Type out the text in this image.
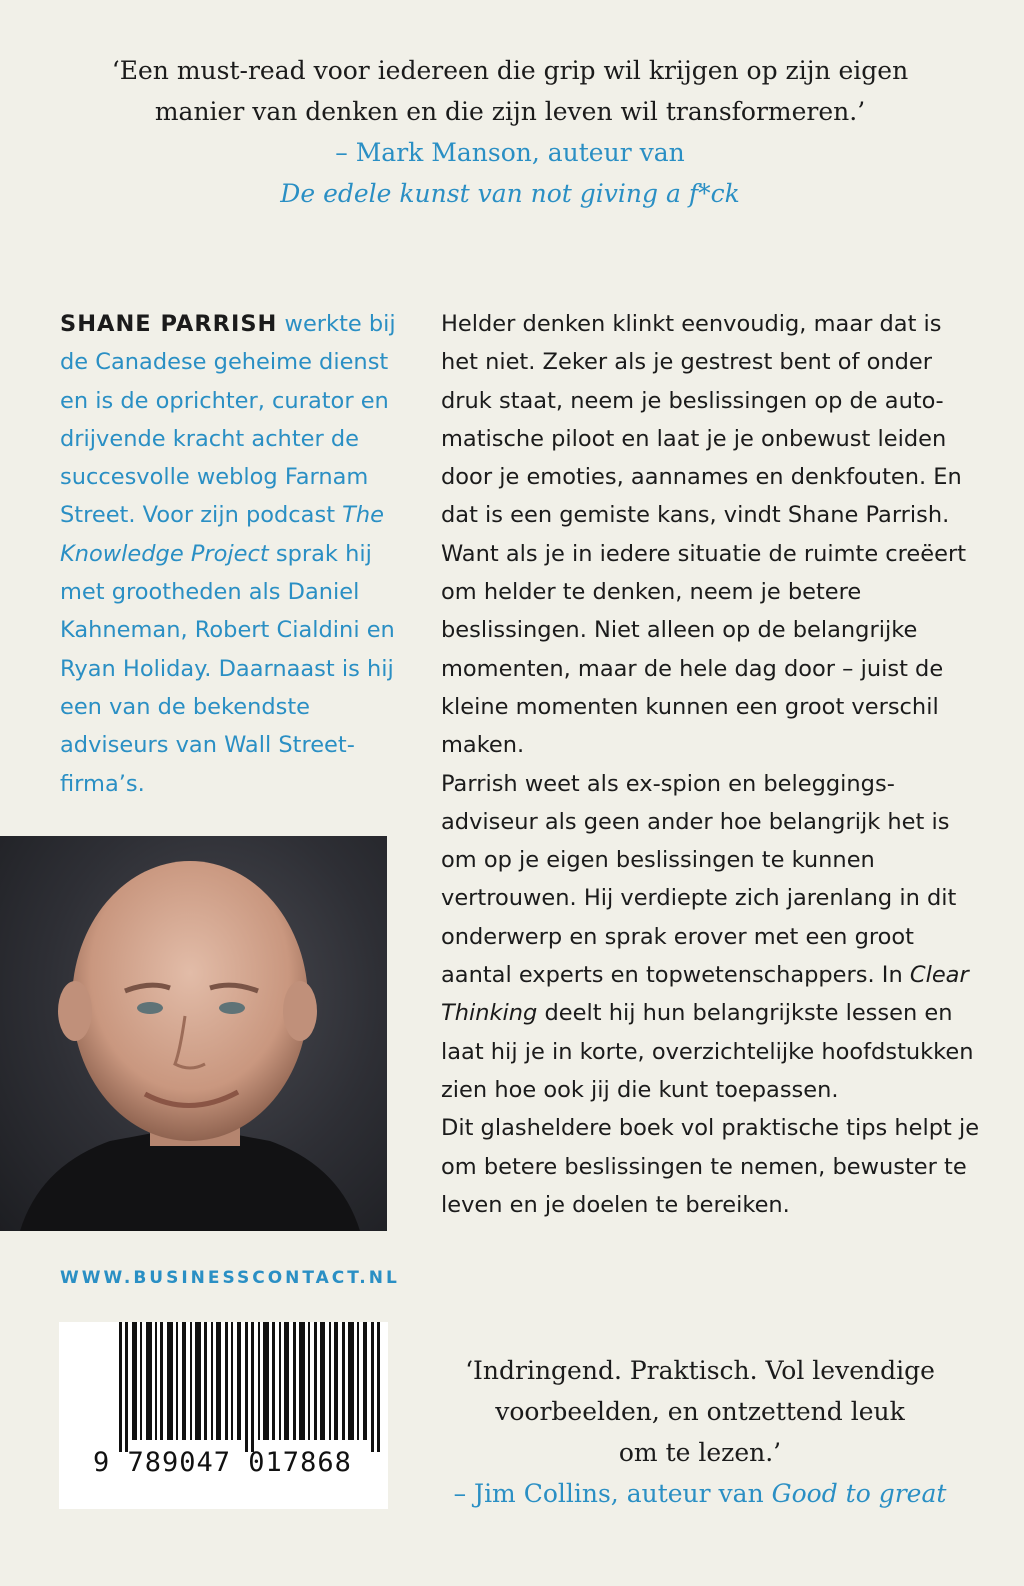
‘Een must-read voor iedereen die grip wil krijgen op zijn eigen
manier van denken en die zijn leven wil transformeren.’
– Mark Manson, auteur van
De edele kunst van not giving a f*ck
SHANE PARRISH werkte bij de Canadese geheime dienst en is de oprichter, curator en drijvende kracht achter de succesvolle weblog Farnam Street. Voor zijn podcast The Knowledge Project sprak hij met grootheden als Daniel Kahneman, Robert Cialdini en Ryan Holiday. Daarnaast is hij een van de bekendste adviseurs van Wall Street-firma’s.

Helder denken klinkt eenvoudig, maar dat is het niet. Zeker als je gestrest bent of onder druk staat, neem je beslissingen op de automatische piloot en laat je je onbewust leiden door je emoties, aannames en denkfouten. En dat is een gemiste kans, vindt Shane Parrish. Want als je in iedere situatie de ruimte creëert om helder te denken, neem je betere beslissingen. Niet alleen op de belangrijke momenten, maar de hele dag door – juist de kleine momenten kunnen een groot verschil maken.

Parrish weet als ex-spion en beleggingsadviseur als geen ander hoe belangrijk het is om op je eigen beslissingen te kunnen vertrouwen. Hij verdiepte zich jarenlang in dit onderwerp en sprak erover met een groot aantal experts en topwetenschappers. In Clear Thinking deelt hij hun belangrijkste lessen en laat hij je in korte, overzichtelijke hoofdstukken zien hoe ook jij die kunt toepassen.

Dit glasheldere boek vol praktische tips helpt je om betere beslissingen te nemen, bewuster te leven en je doelen te bereiken.

WWW.BUSINESSCONTACT.NL
9 789047 017868
‘Indringend. Praktisch. Vol levendige
voorbeelden, en ontzettend leuk
om te lezen.’
– Jim Collins, auteur van Good to great
